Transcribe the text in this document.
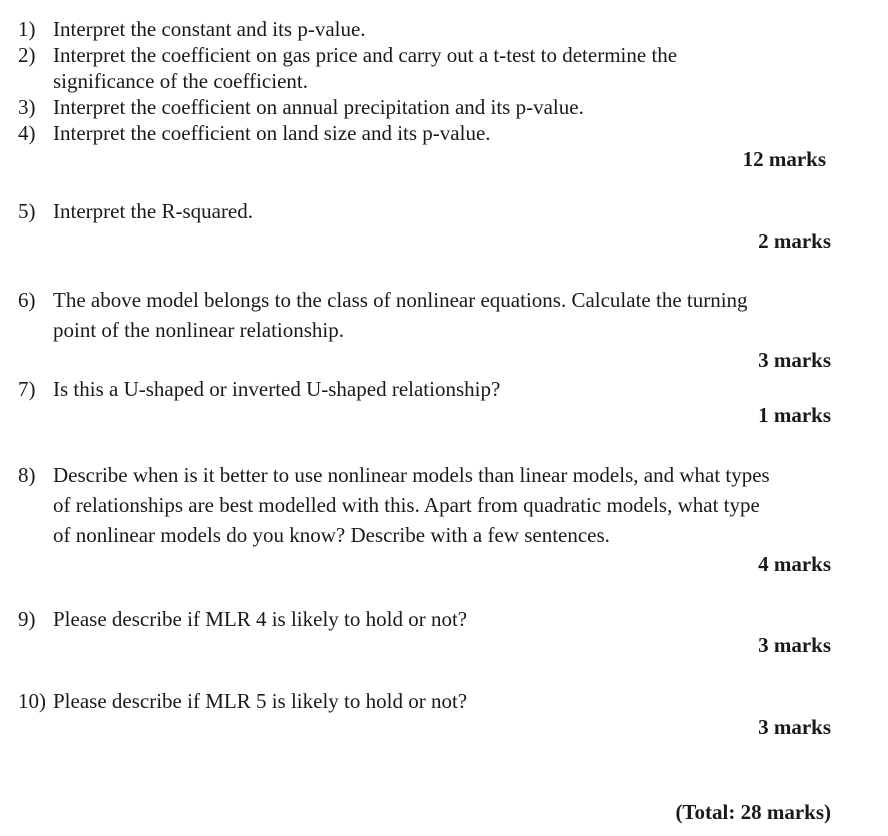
1) Interpret the constant and its p-value.
2) Interpret the coefficient on gas price and carry out a t-test to determine the
significance of the coefficient.
3) Interpret the coefficient on annual precipitation and its p-value.
4) Interpret the coefficient on land size and its p-value.
12 marks
5) Interpret the R-squared.
2 marks
6) The above model belongs to the class of nonlinear equations. Calculate the turning
point of the nonlinear relationship.
3 marks
7) Is this a U-shaped or inverted U-shaped relationship?
1 marks
8) Describe when is it better to use nonlinear models than linear models, and what types
of relationships are best modelled with this. Apart from quadratic models, what type
of nonlinear models do you know? Describe with a few sentences.
4 marks
9) Please describe if MLR 4 is likely to hold or not?
3 marks
10) Please describe if MLR 5 is likely to hold or not?
3 marks
(Total: 28 marks)
